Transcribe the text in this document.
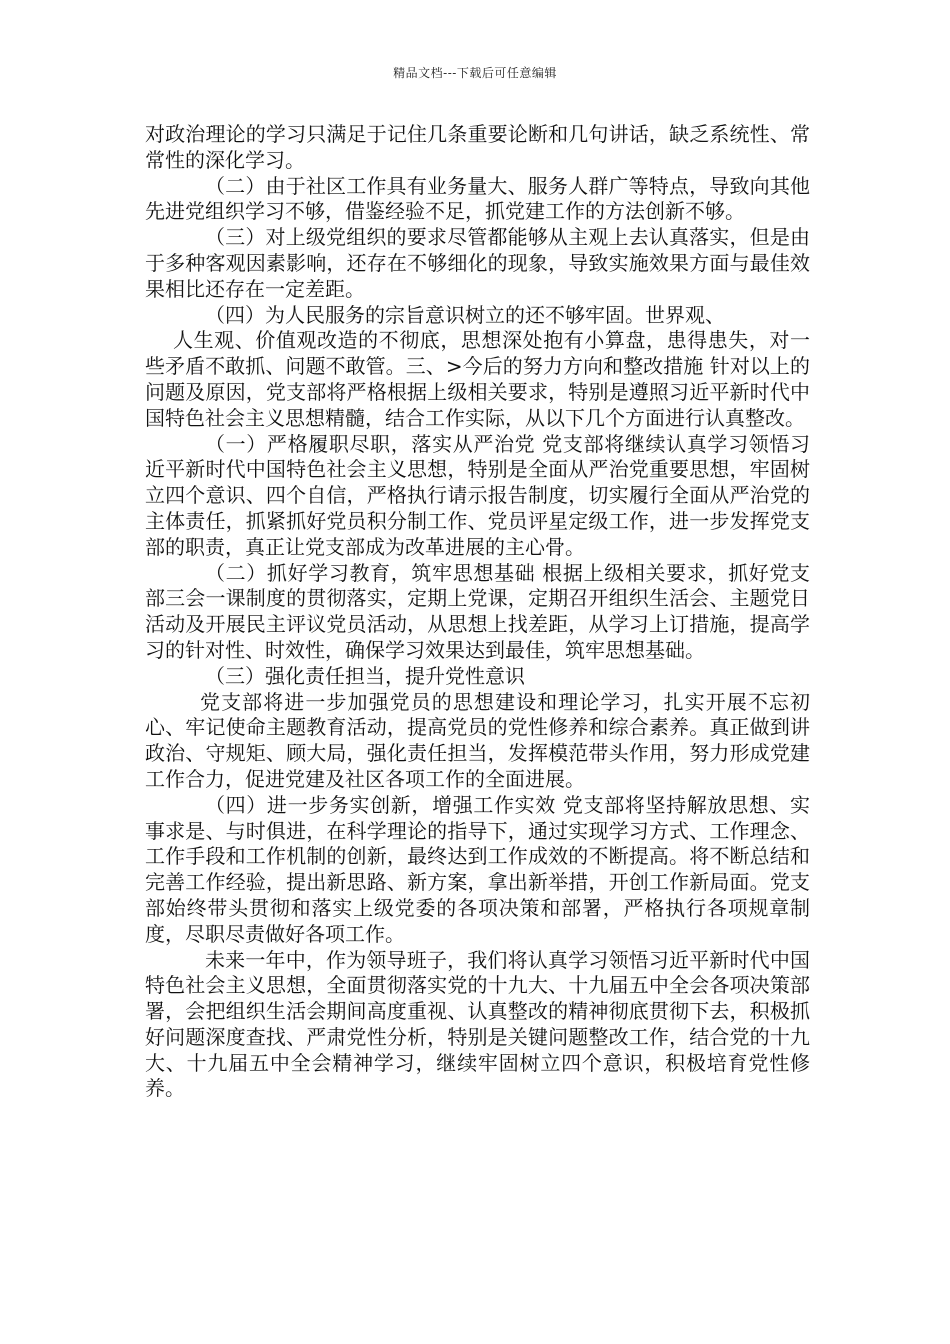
精品文档---下载后可任意编辑

对政治理论的学习只满足于记住几条重要论断和几句讲话，缺乏系统性、常常性的深化学习。

（二）由于社区工作具有业务量大、服务人群广等特点，导致向其他先进党组织学习不够，借鉴经验不足，抓党建工作的方法创新不够。

（三）对上级党组织的要求尽管都能够从主观上去认真落实，但是由于多种客观因素影响，还存在不够细化的现象，导致实施效果方面与最佳效果相比还存在一定差距。

（四）为人民服务的宗旨意识树立的还不够牢固。世界观、

人生观、价值观改造的不彻底，思想深处抱有小算盘，患得患失，对一些矛盾不敢抓、问题不敢管。三、>今后的努力方向和整改措施 针对以上的问题及原因，党支部将严格根据上级相关要求，特别是遵照习近平新时代中国特色社会主义思想精髓，结合工作实际，从以下几个方面进行认真整改。

（一）严格履职尽职，落实从严治党 党支部将继续认真学习领悟习近平新时代中国特色社会主义思想，特别是全面从严治党重要思想，牢固树立四个意识、四个自信，严格执行请示报告制度，切实履行全面从严治党的主体责任，抓紧抓好党员积分制工作、党员评星定级工作，进一步发挥党支部的职责，真正让党支部成为改革进展的主心骨。

（二）抓好学习教育，筑牢思想基础 根据上级相关要求，抓好党支部三会一课制度的贯彻落实，定期上党课，定期召开组织生活会、主题党日活动及开展民主评议党员活动，从思想上找差距，从学习上订措施，提高学习的针对性、时效性，确保学习效果达到最佳，筑牢思想基础。

（三）强化责任担当，提升党性意识

党支部将进一步加强党员的思想建设和理论学习，扎实开展不忘初心、牢记使命主题教育活动，提高党员的党性修养和综合素养。真正做到讲政治、守规矩、顾大局，强化责任担当，发挥模范带头作用，努力形成党建工作合力，促进党建及社区各项工作的全面进展。

（四）进一步务实创新，增强工作实效 党支部将坚持解放思想、实事求是、与时俱进，在科学理论的指导下，通过实现学习方式、工作理念、工作手段和工作机制的创新，最终达到工作成效的不断提高。将不断总结和完善工作经验，提出新思路、新方案，拿出新举措，开创工作新局面。党支部始终带头贯彻和落实上级党委的各项决策和部署，严格执行各项规章制度，尽职尽责做好各项工作。

未来一年中，作为领导班子，我们将认真学习领悟习近平新时代中国特色社会主义思想，全面贯彻落实党的十九大、十九届五中全会各项决策部署，会把组织生活会期间高度重视、认真整改的精神彻底贯彻下去，积极抓好问题深度查找、严肃党性分析，特别是关键问题整改工作，结合党的十九大、十九届五中全会精神学习，继续牢固树立四个意识，积极培育党性修养。
